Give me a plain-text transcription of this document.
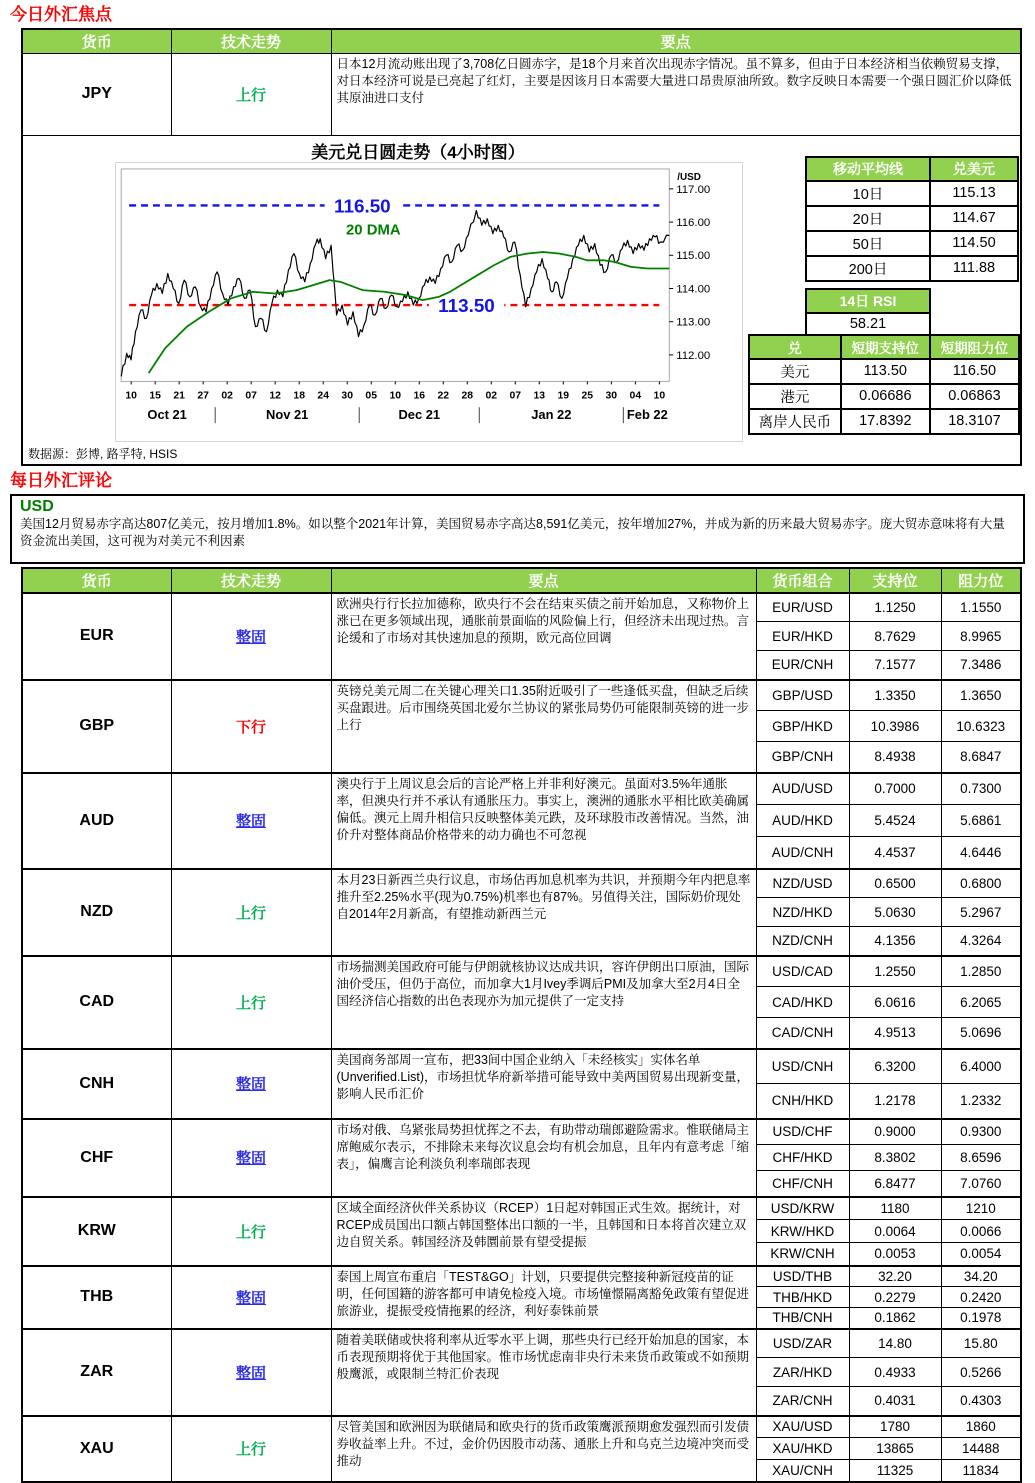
今日外汇焦点
货币	技术走势	要点
JPY	上行	日本12月流动账出现了3,708亿日圆赤字，是18个月来首次出现赤字情况。虽不算多，但由于日本经济相当依赖贸易支撑，对日本经济可说是已亮起了红灯，主要是因该月日本需要大量进口昂贵原油所致。数字反映日本需要一个强日圆汇价以降低其原油进口支付

美元兑日圆走势（4小时图）
/USD
117.00
116.00
115.00
114.00
113.00
112.00
116.50
113.50
20 DMA
10 15 21 27 02 07 12 18 24 30 05 10 16 22 28 02 07 13 19 25 30 04 10
Oct 21	Nov 21	Dec 21	Jan 22	Feb 22
移动平均线	兑美元
10日	115.13
20日	114.67
50日	114.50
200日	111.88
14日 RSI
58.21
兑	短期支持位	短期阻力位
美元	113.50	116.50
港元	0.06686	0.06863
离岸人民币	17.8392	18.3107

数据源：彭博, 路孚特, HSIS
每日外汇评论
USD
美国12月贸易赤字高达807亿美元，按月增加1.8%。如以整个2021年计算，美国贸易赤字高达8,591亿美元，按年增加27%，并成为新的历来最大贸易赤字。庞大贸赤意味将有大量资金流出美国，这可视为对美元不利因素
货币	技术走势	要点	货币组合	支持位	阻力位
EUR	整固	欧洲央行行长拉加德称，欧央行不会在结束买债之前开始加息，又称物价上涨已在更多领域出现，通胀前景面临的风险偏上行，但经济未出现过热。言论缓和了市场对其快速加息的预期，欧元高位回调	EUR/USD	1.1250	1.1550
			EUR/HKD	8.7629	8.9965
			EUR/CNH	7.1577	7.3486
GBP	下行	英镑兑美元周二在关键心理关口1.35附近吸引了一些逢低买盘，但缺乏后续买盘跟进。后市围绕英国北爱尔兰协议的紧张局势仍可能限制英镑的进一步上行	GBP/USD	1.3350	1.3650
			GBP/HKD	10.3986	10.6323
			GBP/CNH	8.4938	8.6847
AUD	整固	澳央行于上周议息会后的言论严格上并非利好澳元。虽面对3.5%年通胀率，但澳央行并不承认有通胀压力。事实上，澳洲的通胀水平相比欧美确属偏低。澳元上周升相信只反映整体美元跌，及环球股市改善情况。当然，油价升对整体商品价格带来的动力确也不可忽视	AUD/USD	0.7000	0.7300
			AUD/HKD	5.4524	5.6861
			AUD/CNH	4.4537	4.6446
NZD	上行	本月23日新西兰央行议息，市场估再加息机率为共识，并预期今年内把息率推升至2.25%水平(现为0.75%)机率也有87%。另值得关注，国际奶价现处自2014年2月新高，有望推动新西兰元	NZD/USD	0.6500	0.6800
			NZD/HKD	5.0630	5.2967
			NZD/CNH	4.1356	4.3264
CAD	上行	市场揣测美国政府可能与伊朗就核协议达成共识，容许伊朗出口原油，国际油价受压，但仍于高位，而加拿大1月Ivey季调后PMI及加拿大至2月4日全国经济信心指数的出色表现亦为加元提供了一定支持	USD/CAD	1.2550	1.2850
			CAD/HKD	6.0616	6.2065
			CAD/CNH	4.9513	5.0696
CNH	整固	美国商务部周一宣布，把33间中国企业纳入「未经核实」实体名单(Unverified.List)，市场担忧华府新举措可能导致中美两国贸易出现新变量，影响人民币汇价	USD/CNH	6.3200	6.4000
			CNH/HKD	1.2178	1.2332
CHF	整固	市场对俄、乌紧张局势担忧挥之不去，有助带动瑞郎避险需求。惟联储局主席鲍威尔表示，不排除未来每次议息会均有机会加息，且年内有意考虑「缩表」，偏鹰言论利淡负利率瑞郎表现	USD/CHF	0.9000	0.9300
			CHF/HKD	8.3802	8.6596
			CHF/CNH	6.8477	7.0760
KRW	上行	区域全面经济伙伴关系协议（RCEP）1日起对韩国正式生效。据统计，对RCEP成员国出口额占韩国整体出口额的一半，且韩国和日本将首次建立双边自贸关系。韩国经济及韩圜前景有望受提振	USD/KRW	1180	1210
			KRW/HKD	0.0064	0.0066
			KRW/CNH	0.0053	0.0054
THB	整固	泰国上周宣布重启「TEST&GO」计划，只要提供完整接种新冠疫苗的证明，任何国籍的游客都可申请免检疫入境。市场憧憬隔离豁免政策有望促进旅游业，提振受疫情拖累的经济，利好泰铢前景	USD/THB	32.20	34.20
			THB/HKD	0.2279	0.2420
			THB/CNH	0.1862	0.1978
ZAR	整固	随着美联储或快将利率从近零水平上调，那些央行已经开始加息的国家，本币表现预期将优于其他国家。惟市场忧虑南非央行未来货币政策或不如预期般鹰派，或限制兰特汇价表现	USD/ZAR	14.80	15.80
			ZAR/HKD	0.4933	0.5266
			ZAR/CNH	0.4031	0.4303
XAU	上行	尽管美国和欧洲因为联储局和欧央行的货币政策鹰派预期愈发强烈而引发债券收益率上升。不过，金价仍因股市动荡、通胀上升和乌克兰边境冲突而受推动	XAU/USD	1780	1860
			XAU/HKD	13865	14488
			XAU/CNH	11325	11834
